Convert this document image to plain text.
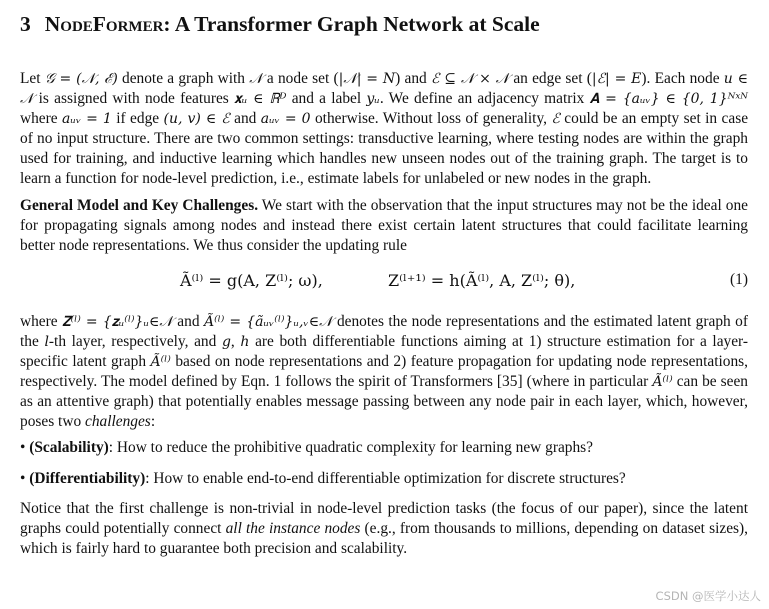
3 NodeFormer: A Transformer Graph Network at Scale

Let 𝒢 = (𝒩, ℰ) denote a graph with 𝒩 a node set (|𝒩| = N) and ℰ ⊆ 𝒩 × 𝒩 an edge set (|ℰ| = E). Each node u ∈ 𝒩 is assigned with node features 𝐱ᵤ ∈ ℝᴰ and a label yᵤ. We define an adjacency matrix 𝐀 = {aᵤᵥ} ∈ {0, 1}ᴺˣᴺ where aᵤᵥ = 1 if edge (u, v) ∈ ℰ and aᵤᵥ = 0 otherwise. Without loss of generality, ℰ could be an empty set in case of no input structure. There are two common settings: transductive learning, where testing nodes are within the graph used for training, and inductive learning which handles new unseen nodes out of the training graph. The target is to learn a function for node-level prediction, i.e., estimate labels for unlabeled or new nodes in the graph.

General Model and Key Challenges. We start with the observation that the input structures may not be the ideal one for propagating signals among nodes and instead there exist certain latent structures that could facilitate learning better node representations. We thus consider the updating rule

Ã⁽ˡ⁾ = g(A, Z⁽ˡ⁾; ω),	Z⁽ˡ⁺¹⁾ = h(Ã⁽ˡ⁾, A, Z⁽ˡ⁾; θ),	(1)

where 𝐙⁽ˡ⁾ = {𝐳ᵤ⁽ˡ⁾}ᵤ∈𝒩 and Ã⁽ˡ⁾ = {ãᵤᵥ⁽ˡ⁾}ᵤ,ᵥ∈𝒩 denotes the node representations and the estimated latent graph of the l-th layer, respectively, and g, h are both differentiable functions aiming at 1) structure estimation for a layer-specific latent graph Ã⁽ˡ⁾ based on node representations and 2) feature propagation for updating node representations, respectively. The model defined by Eqn. 1 follows the spirit of Transformers [35] (where in particular Ã⁽ˡ⁾ can be seen as an attentive graph) that potentially enables message passing between any node pair in each layer, which, however, poses two challenges:

• (Scalability): How to reduce the prohibitive quadratic complexity for learning new graphs?
• (Differentiability): How to enable end-to-end differentiable optimization for discrete structures?

Notice that the first challenge is non-trivial in node-level prediction tasks (the focus of our paper), since the latent graphs could potentially connect all the instance nodes (e.g., from thousands to millions, depending on dataset sizes), which is fairly hard to guarantee both precision and scalability.

CSDN @医学小达人
